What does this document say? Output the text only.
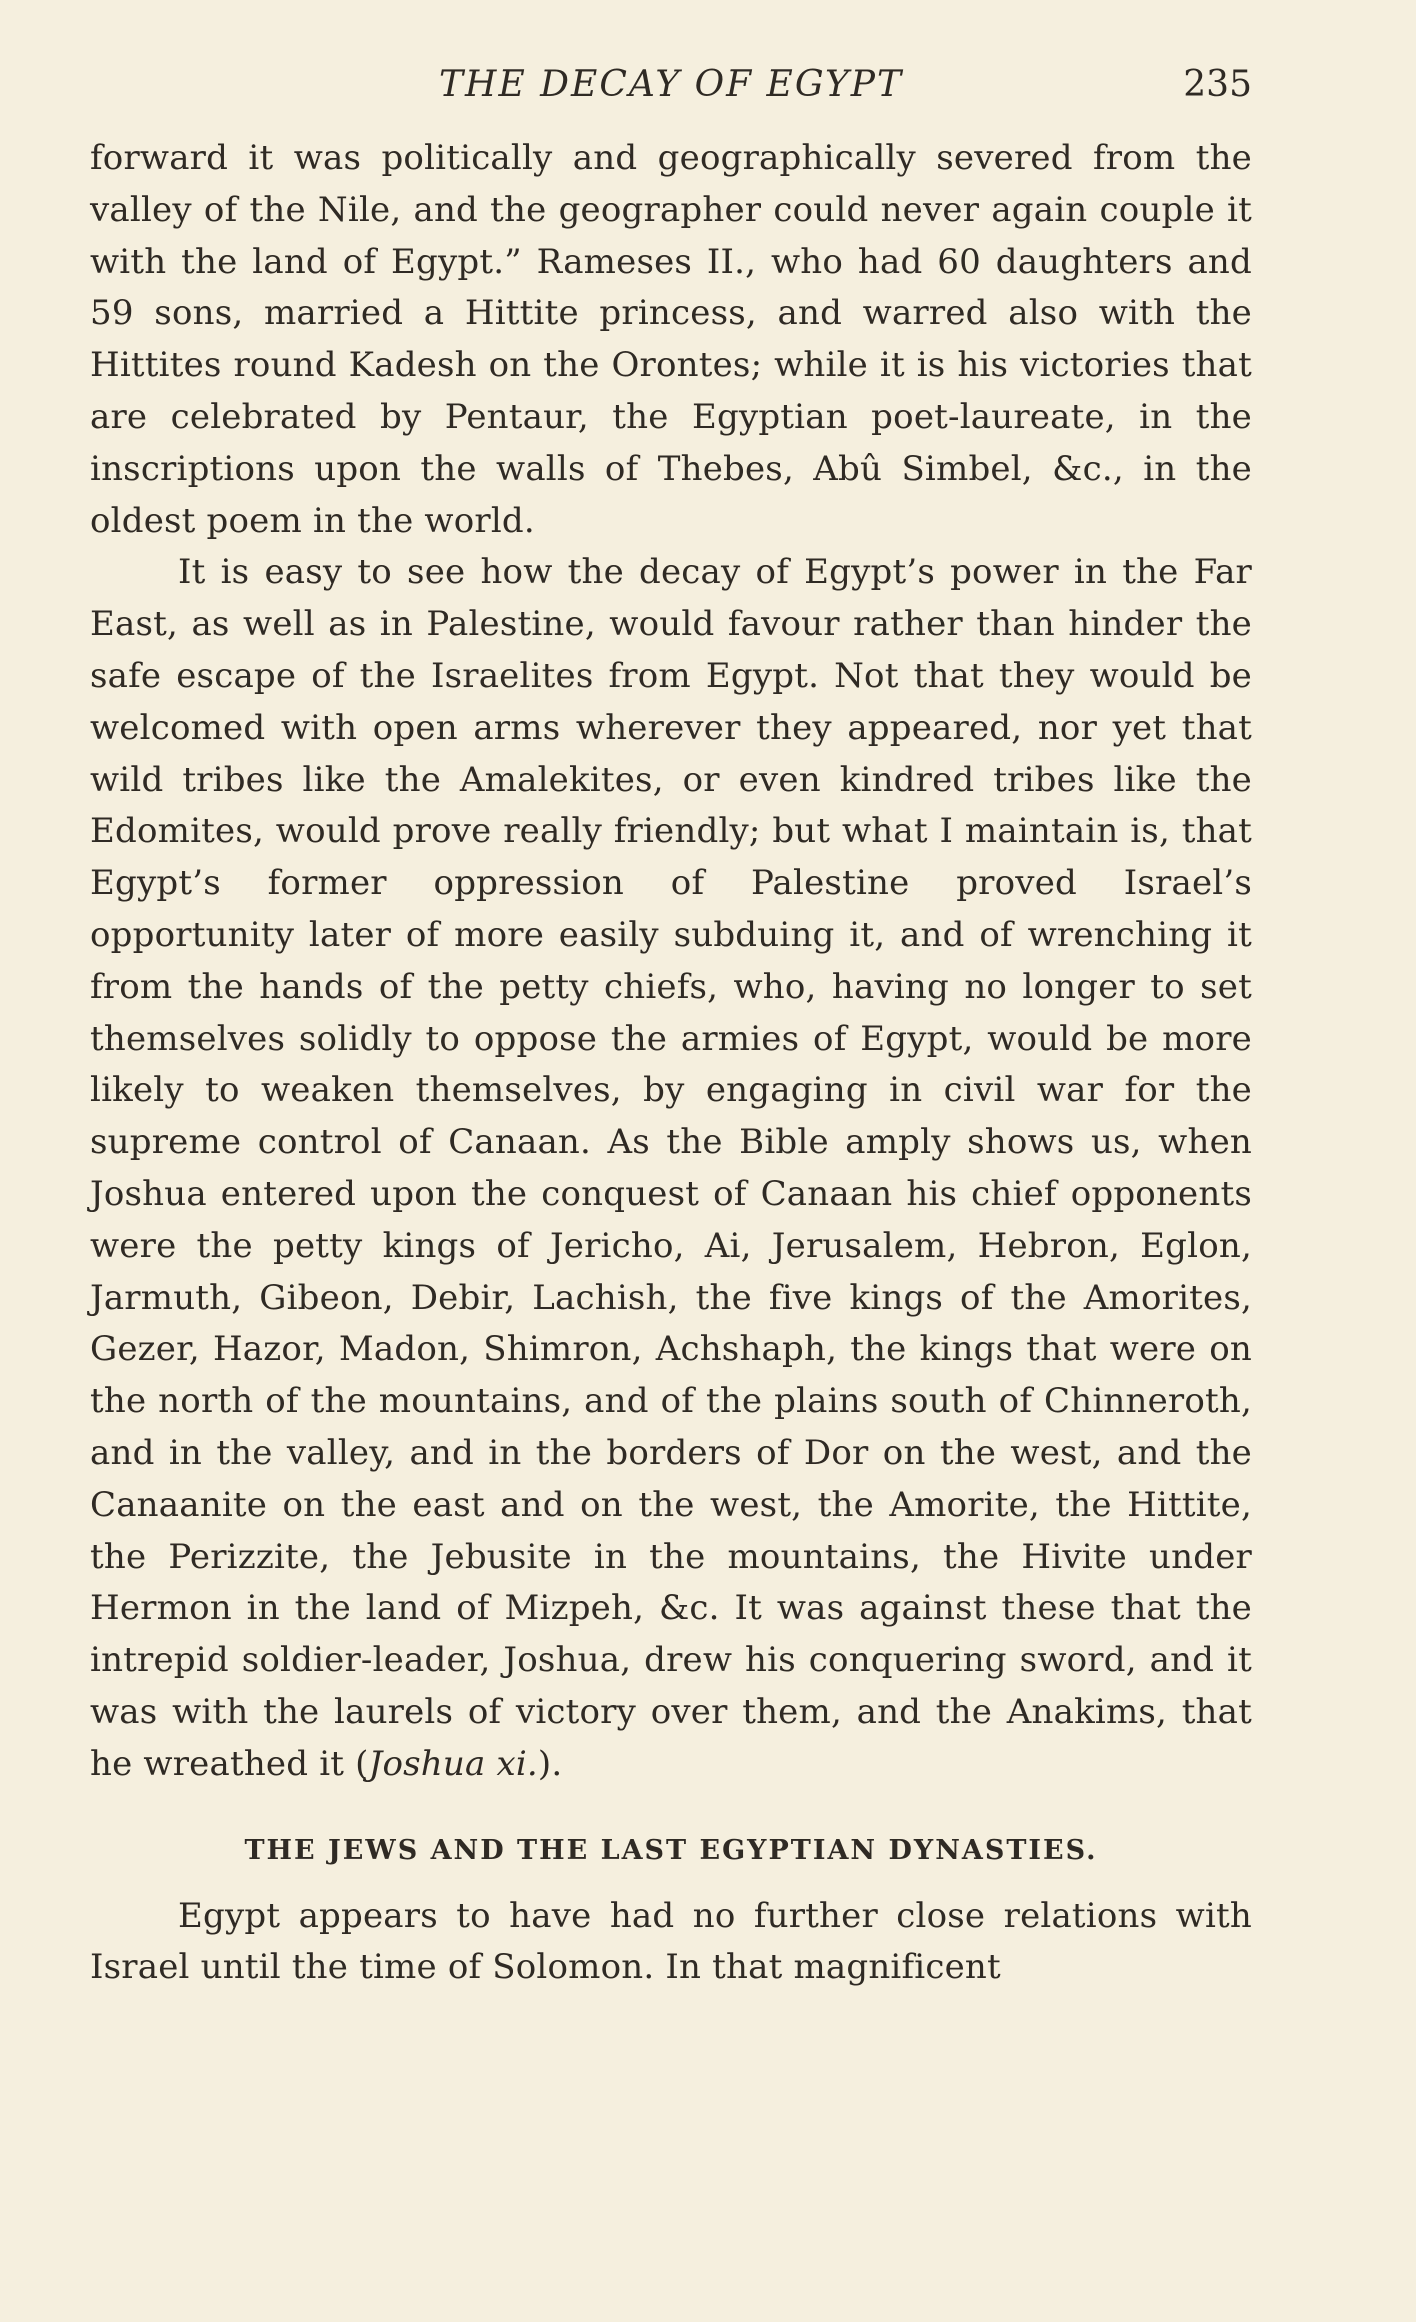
THE DECAY OF EGYPT	235

forward it was politically and geographically severed from the valley of the Nile, and the geographer could never again couple it with the land of Egypt.” Rameses II., who had 60 daughters and 59 sons, married a Hittite princess, and warred also with the Hittites round Kadesh on the Orontes; while it is his victories that are celebrated by Pentaur, the Egyptian poet-laureate, in the inscriptions upon the walls of Thebes, Abû Simbel, &c., in the oldest poem in the world.

It is easy to see how the decay of Egypt’s power in the Far East, as well as in Palestine, would favour rather than hinder the safe escape of the Israelites from Egypt. Not that they would be welcomed with open arms wherever they appeared, nor yet that wild tribes like the Amalekites, or even kindred tribes like the Edomites, would prove really friendly; but what I maintain is, that Egypt’s former oppression of Palestine proved Israel’s opportunity later of more easily subduing it, and of wrenching it from the hands of the petty chiefs, who, having no longer to set themselves solidly to oppose the armies of Egypt, would be more likely to weaken themselves, by engaging in civil war for the supreme control of Canaan. As the Bible amply shows us, when Joshua entered upon the conquest of Canaan his chief opponents were the petty kings of Jericho, Ai, Jerusalem, Hebron, Eglon, Jarmuth, Gibeon, Debir, Lachish, the five kings of the Amorites, Gezer, Hazor, Madon, Shimron, Achshaph, the kings that were on the north of the mountains, and of the plains south of Chinneroth, and in the valley, and in the borders of Dor on the west, and the Canaanite on the east and on the west, the Amorite, the Hittite, the Perizzite, the Jebusite in the mountains, the Hivite under Hermon in the land of Mizpeh, &c. It was against these that the intrepid soldier-leader, Joshua, drew his conquering sword, and it was with the laurels of victory over them, and the Anakims, that he wreathed it (Joshua xi.).

THE JEWS AND THE LAST EGYPTIAN DYNASTIES.

Egypt appears to have had no further close relations with Israel until the time of Solomon. In that magnificent
